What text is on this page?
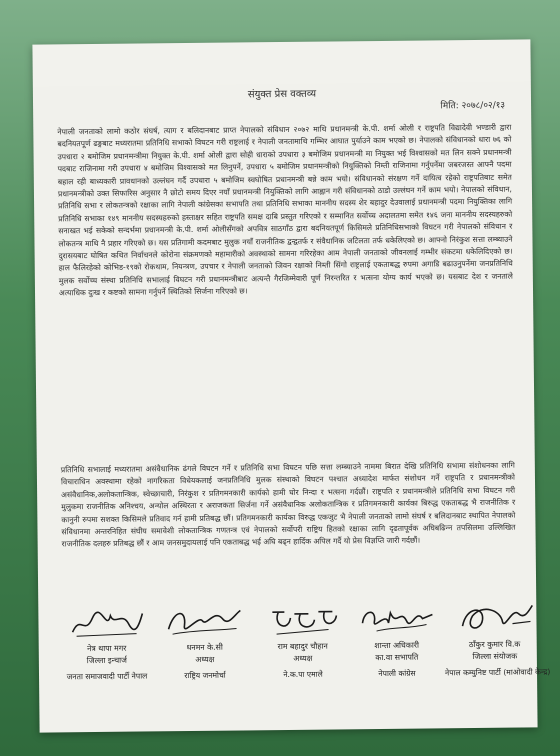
संयुक्त प्रेस वक्तव्य
मिति: २०७८/०२/१३

नेपाली जनताको लामो कठोर संघर्ष, त्याग र बलिदानबाट प्राप्त नेपालको संविधान २०७२ माथि प्रधानमन्त्री के.पी. शर्मा ओली र राष्ट्रपति विद्यादेवी भण्डारी द्वारा बदनियतपूर्ण ढङ्गबाट मध्यरातमा प्रतिनिधि सभाको विघटन गरी राष्ट्रलाई र नेपाली जनतामाथि गम्भिर आघात पुर्याउने काम भएको छ। नेपालको संविधानको धारा ७६ को उपधारा २ बमोजिम प्रधानमन्त्रीमा नियुक्त के.पी. शर्मा ओली द्वारा सोही धाराको उपधारा ३ बमोजिम प्रधानमन्त्री मा नियुक्त भई विश्वासको मत लिन सक्ने प्रधानमन्त्री पदबाट राजिनामा गरी उपधारा ४ बमोजिम विश्वासको मत लिनुपर्ने, उपधारा ५ बमोजिम प्रधानमन्त्रीको नियुक्तिको निम्ती राजिनामा गर्नुपर्नेमा जबरजस्त आफ्नै पदमा बहाल रही बाध्यकारी प्रावधानको उल्लंघन गर्दै उपधारा ५ बमोजिम स्वघोषित प्रधानमन्त्री बन्ने काम भयो। संविधानको संरक्षण गर्ने दायित्व रहेको राष्ट्रपतिबाट समेत प्रधानमन्त्रीको उक्त सिफारिस अनुसार नै छोटो समय दिएर नयाँ प्रधानमन्त्री नियुक्तिको लागि आह्वान गरी संविधानको ठाडो उल्लंघन गर्ने काम भयो। नेपालको संविधान, प्रतिनिधि सभा र लोकतन्त्रको रक्षाका लागि नेपाली कांग्रेसका सभापति तथा प्रतिनिधि सभाका माननीय सदस्य शेर बहादुर देउवालाई प्रधानमन्त्री पदमा नियुक्तिका लागि प्रतिनिधि सभाका १४९ माननीय सदस्यहरुको हस्ताक्षर सहित राष्ट्रपति समक्ष दाबि प्रस्तुत गरिएको र सम्मानित सर्वोच्च अदालतमा समेत १४६ जना माननीय सदस्यहरुको सनाखत भई सकेको सन्दर्भमा प्रधानमन्त्री के.पी. शर्मा ओलीसँगको अपवित्र साठगाँठ द्वारा बदनियतपूर्ण किसिमले प्रतिनिधिसभाको विघटन गरी नेपालको संविधान र लोकतन्त्र माथि नै प्रहार गरिएको छ। यस प्रतिगामी कदमबाट मुलुक नयाँ राजनीतिक द्वन्द्वतर्फ र संवैधानिक जटिलता तर्फ धकेलिएको छ। आफ्नो निरंकुश सत्ता लम्ब्याउने दुरासयबाट घोषित कथित निर्वाचनले कोरोना संक्रमणको महामारीको अवस्थाको सामना गरिरहेका आम नेपाली जनताको जीवनलाई गम्भीर संकटमा धकेलिदिएको छ। हाल फैलिरहेको कोभिड-१९को रोकथाम, नियन्त्रण, उपचार र नेपाली जनताको जिवन रक्षाको निम्ती सिंगो राष्ट्रलाई एकताबद्ध रुपमा अगाडि बढाउनुपर्नेमा जनप्रतिनिधि मुलक सर्वोच्च संस्था प्रतिनिधि सभालाई विघटन गरी प्रधानमन्त्रीबाट अत्यन्तै गैरजिम्मेवारी पूर्ण निरन्तरित र भत्सना योग्य कार्य भएको छ। यसबाट देश र जनताले अत्याधिक दुःख र कष्टको सामना गर्नुपर्ने स्थितिको सिर्जना गरिएको छ।

प्रतिनिधि सभालाई मध्यरातमा असंवैधानिक ढंगले विघटन गर्ने र प्रतिनिधि सभा विघटन पछि सत्ता लम्ब्याउने नाममा बिरात देखि प्रतिनिधि सभामा संशोधनका लागि विचाराधिन अवस्थामा रहेको नागरिकता विधेयकलाई जनप्रतिनिधि मुलक संस्थाको विघटन पश्चात अध्यादेश मार्फत संशोधन गर्ने राष्ट्रपति र प्रधानमन्त्रीको असंवैधानिक,अलोकतान्त्रिक, स्वेच्छाचारी, निरंकुश र प्रतिगमनकारी कार्यको हामी घोर निन्दा र भत्सना गर्दछौं। राष्ट्रपति र प्रधानमन्त्रीले प्रतिनिधि सभा विघटन गरी मुलुकमा राजनीतिक अनिश्चय, अन्योल अस्थिरता र अराजकता सिर्जना गर्ने असंवैधानिक अलोकतान्त्रिक र प्रतिगमनकारी कार्यका बिरुद्ध एकताबद्ध भै राजनीतिक र कानुनी रुपमा सशक्त किसिमले प्रतिवाद गर्न हामी प्रतिबद्ध छौं। प्रतिगमनकारी कार्यका विरुद्ध एकजुट भै नेपाली जनताको लामो संघर्ष र बलिदानबाट स्थापित नेपालको संविधानमा अन्तरनिहित संघीय समावेशी लोकतान्त्रिक गणतन्त्र एवं नेपालको सर्वोपरी राष्ट्रिय हितको रक्षाका लागि दृढतापूर्वक अघिबढिन्‍न तपसिलमा उल्लिखित राजनीतिक दलहरु प्रतिबद्ध छौं र आम जनसमुदायलाई पनि एकताबद्ध भई अघि बढ्न हार्दिक अपिल गर्दै यो प्रेस विज्ञप्ति जारी गर्दछौं।

नेत्र थापा मगर
जिल्ला इन्चार्ज
जनता समाजवादी पार्टी नेपाल
धनमन के.सी
अध्यक्ष
राष्ट्रिय जनमोर्चा
राम बहादुर चौहान
अध्यक्ष
ने.क.पा एमाले
शान्ता अधिकारी
का.वा सभापति
नेपाली कांग्रेस
ठाँकुर कुमार वि.क
जिल्ला संयोजक
नेपाल कम्युनिष्ट पार्टी (माओवादी केन्द्र)
